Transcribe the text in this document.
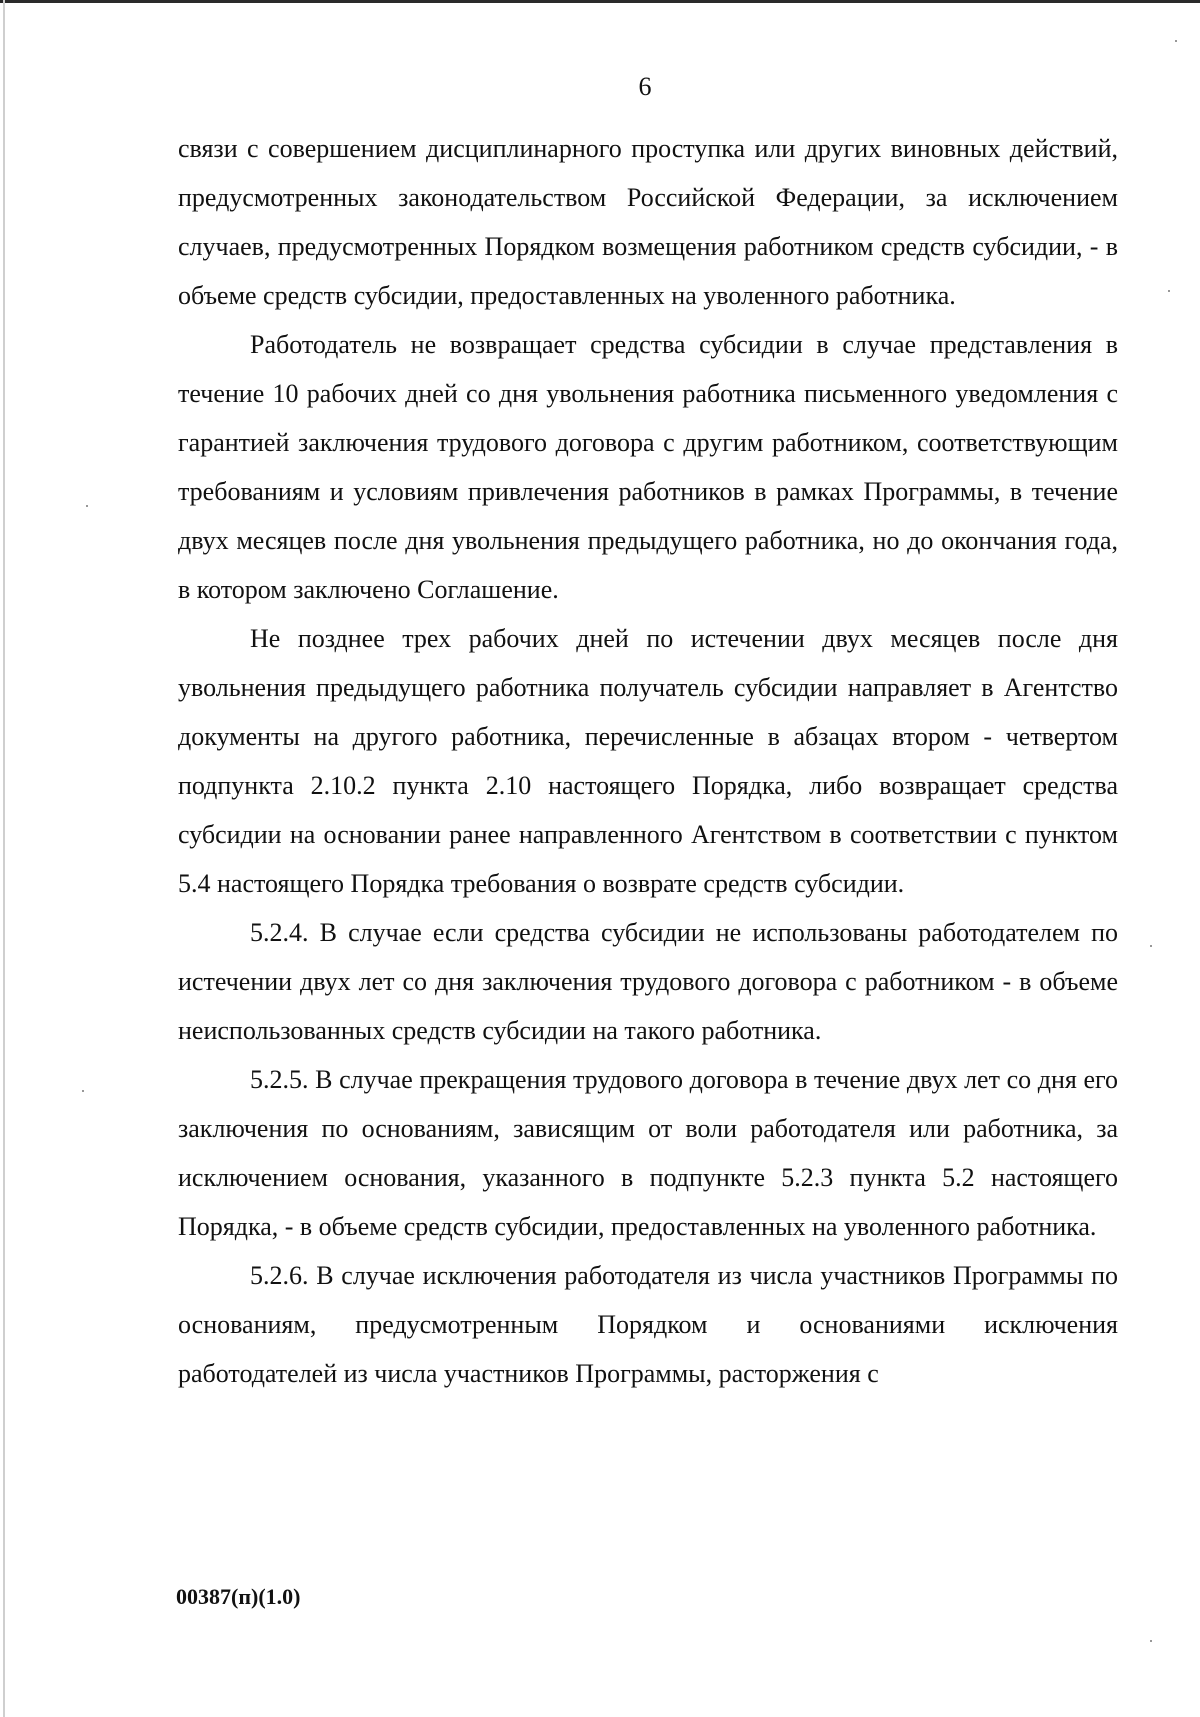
6

связи с совершением дисциплинарного проступка или других виновных действий, предусмотренных законодательством Российской Федерации, за исключением случаев, предусмотренных Порядком возмещения работником средств субсидии, - в объеме средств субсидии, предоставленных на уволенного работника.

Работодатель не возвращает средства субсидии в случае представления в течение 10 рабочих дней со дня увольнения работника письменного уведомления с гарантией заключения трудового договора с другим работником, соответствующим требованиям и условиям привлечения работников в рамках Программы, в течение двух месяцев после дня увольнения предыдущего работника, но до окончания года, в котором заключено Соглашение.

Не позднее трех рабочих дней по истечении двух месяцев после дня увольнения предыдущего работника получатель субсидии направляет в Агентство документы на другого работника, перечисленные в абзацах втором - четвертом подпункта 2.10.2 пункта 2.10 настоящего Порядка, либо возвращает средства субсидии на основании ранее направленного Агентством в соответствии с пунктом 5.4 настоящего Порядка требования о возврате средств субсидии.

5.2.4. В случае если средства субсидии не использованы работодателем по истечении двух лет со дня заключения трудового договора с работником - в объеме неиспользованных средств субсидии на такого работника.

5.2.5. В случае прекращения трудового договора в течение двух лет со дня его заключения по основаниям, зависящим от воли работодателя или работника, за исключением основания, указанного в подпункте 5.2.3 пункта 5.2 настоящего Порядка, - в объеме средств субсидии, предоставленных на уволенного работника.

5.2.6. В случае исключения работодателя из числа участников Программы по основаниям, предусмотренным Порядком и основаниями исключения работодателей из числа участников Программы, расторжения с

00387(п)(1.0)
